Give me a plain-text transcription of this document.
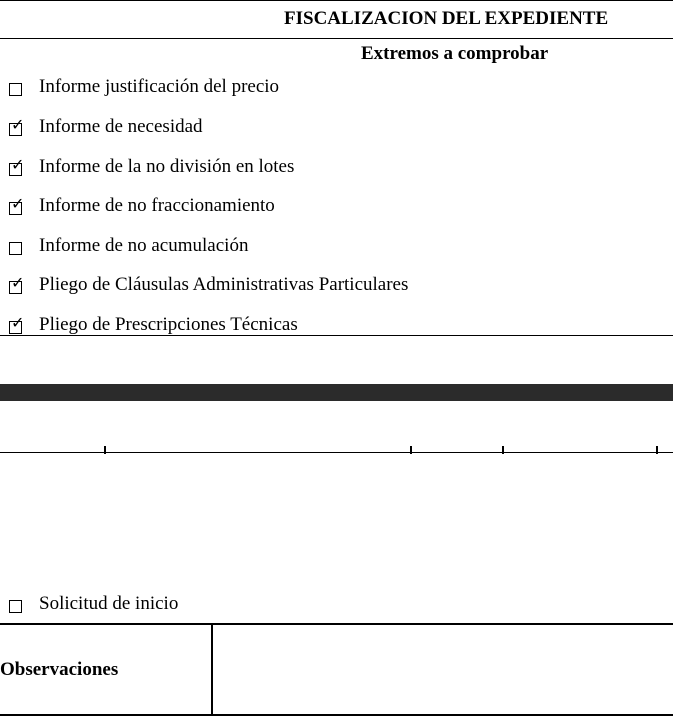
FISCALIZACION DEL EXPEDIENTE
Extremos a comprobar
Informe justificación del precio
✓ Informe de necesidad
✓ Informe de la no división en lotes
✓ Informe de no fraccionamiento
Informe de no acumulación
✓ Pliego de Cláusulas Administrativas Particulares
✓ Pliego de Prescripciones Técnicas
Solicitud de inicio
Observaciones
